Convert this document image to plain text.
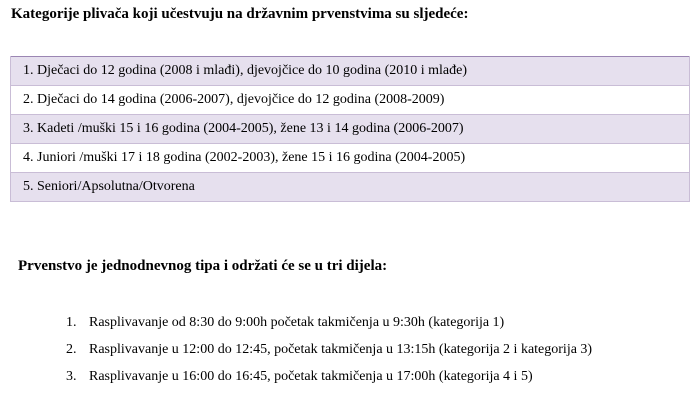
Kategorije plivača koji učestvuju na državnim prvenstvima su sljedeće:
1. Dječaci do 12 godina (2008 i mlađi), djevojčice do 10 godina (2010 i mlađe)
2. Dječaci do 14 godina (2006-2007), djevojčice do 12 godina (2008-2009)
3. Kadeti /muški 15 i 16 godina (2004-2005), žene 13 i 14 godina (2006-2007)
4. Juniori /muški 17 i 18 godina (2002-2003), žene 15 i 16 godina (2004-2005)
5. Seniori/Apsolutna/Otvorena
Prvenstvo je jednodnevnog tipa i održati će se u tri dijela:
1. Rasplivavanje od 8:30 do 9:00h početak takmičenja u 9:30h (kategorija 1)
2. Rasplivavanje u 12:00 do 12:45, početak takmičenja u 13:15h (kategorija 2 i kategorija 3)
3. Rasplivavanje u 16:00 do 16:45, početak takmičenja u 17:00h (kategorija 4 i 5)
